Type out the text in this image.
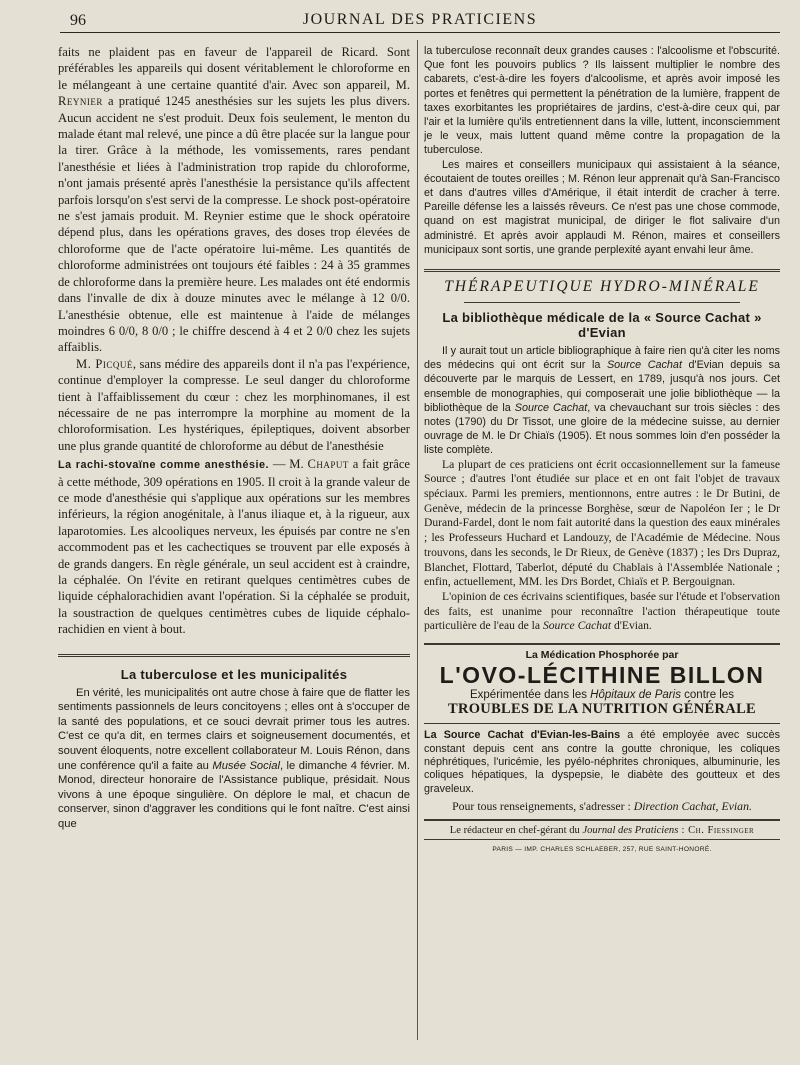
96	JOURNAL DES PRATICIENS

faits ne plaident pas en faveur de l'appareil de Ricard. Sont préférables les appareils qui dosent véritablement le chloroforme en le mélangeant à une certaine quantité d'air. Avec son appareil, M. Reynier a pratiqué 1245 anesthésies sur les sujets les plus divers. Aucun accident ne s'est produit. Deux fois seulement, le menton du malade étant mal relevé, une pince a dû être placée sur la langue pour la tirer. Grâce à la méthode, les vomissements, rares pendant l'anesthésie et liées à l'administration trop rapide du chloroforme, n'ont jamais présenté après l'anesthésie la persistance qu'ils affectent parfois lorsqu'on s'est servi de la compresse. Le shock post-opératoire ne s'est jamais produit. M. Reynier estime que le shock opératoire dépend plus, dans les opérations graves, des doses trop élevées de chloroforme que de l'acte opératoire lui-même. Les quantités de chloroforme administrées ont toujours été faibles : 24 à 35 grammes de chloroforme dans la première heure. Les malades ont été endormis dans l'invalle de dix à douze minutes avec le mélange à 12 0/0. L'anesthésie obtenue, elle est maintenue à l'aide de mélanges moindres 6 0/0, 8 0/0 ; le chiffre descend à 4 et 2 0/0 chez les sujets affaiblis.

M. Picqué, sans médire des appareils dont il n'a pas l'expérience, continue d'employer la compresse. Le seul danger du chloroforme tient à l'affaiblissement du cœur : chez les morphinomanes, il est nécessaire de ne pas interrompre la morphine au moment de la chloroformisation. Les hystériques, épileptiques, doivent absorber une plus grande quantité de chloroforme au début de l'anesthésie

La rachi-stovaïne comme anesthésie. — M. Chaput a fait grâce à cette méthode, 309 opérations en 1905. Il croit à la grande valeur de ce mode d'anesthésie qui s'applique aux opérations sur les membres inférieurs, la région anogénitale, à l'anus iliaque et, à la rigueur, aux laparotomies. Les alcooliques nerveux, les épuisés par contre ne s'en accommodent pas et les cachectiques se trouvent par elle exposés à de grands dangers. En règle générale, un seul accident est à craindre, la céphalée. On l'évite en retirant quelques centimètres cubes de liquide céphalorachidien avant l'opération. Si la céphalée se produit, la soustraction de quelques centimètres cubes de liquide céphalo-rachidien en vient à bout.

La tuberculose et les municipalités

En vérité, les municipalités ont autre chose à faire que de flatter les sentiments passionnels de leurs concitoyens ; elles ont à s'occuper de la santé des populations, et ce souci devrait primer tous les autres. C'est ce qu'a dit, en termes clairs et soigneusement documentés, et souvent éloquents, notre excellent collaborateur M. Louis Rénon, dans une conférence qu'il a faite au Musée Social, le dimanche 4 février. M. Monod, directeur honoraire de l'Assistance publique, présidait. Nous vivons à une époque singulière. On déplore le mal, et chacun de conserver, sinon d'aggraver les conditions qui le font naître. C'est ainsi que

la tuberculose reconnaît deux grandes causes : l'alcoolisme et l'obscurité. Que font les pouvoirs publics ? Ils laissent multiplier le nombre des cabarets, c'est-à-dire les foyers d'alcoolisme, et après avoir imposé les portes et fenêtres qui permettent la pénétration de la lumière, frappent de taxes exorbitantes les propriétaires de jardins, c'est-à-dire ceux qui, par l'air et la lumière qu'ils entretiennent dans la ville, luttent, inconsciemment je le veux, mais luttent quand même contre la propagation de la tuberculose.

Les maires et conseillers municipaux qui assistaient à la séance, écoutaient de toutes oreilles ; M. Rénon leur apprenait qu'à San-Francisco et dans d'autres villes d'Amérique, il était interdit de cracher à terre. Pareille défense les a laissés rêveurs. Ce n'est pas une chose commode, quand on est magistrat municipal, de diriger le flot salivaire d'un administré. Et après avoir applaudi M. Rénon, maires et conseillers municipaux sont sortis, une grande perplexité ayant envahi leur âme.

THÉRAPEUTIQUE HYDRO-MINÉRALE

La bibliothèque médicale de la « Source Cachat »
d'Evian

Il y aurait tout un article bibliographique à faire rien qu'à citer les noms des médecins qui ont écrit sur la Source Cachat d'Evian depuis sa découverte par le marquis de Lessert, en 1789, jusqu'à nos jours. Cet ensemble de monographies, qui composerait une jolie bibliothèque — la bibliothèque de la Source Cachat, va chevauchant sur trois siècles : des notes (1790) du Dr Tissot, une gloire de la médecine suisse, au dernier ouvrage de M. le Dr Chiaïs (1905). Et nous sommes loin d'en posséder la liste complète.

La plupart de ces praticiens ont écrit occasionnellement sur la fameuse Source ; d'autres l'ont étudiée sur place et en ont fait l'objet de travaux spéciaux. Parmi les premiers, mentionnons, entre autres : le Dr Butini, de Genève, médecin de la princesse Borghèse, sœur de Napoléon Ier ; le Dr Durand-Fardel, dont le nom fait autorité dans la question des eaux minérales ; les Professeurs Huchard et Landouzy, de l'Académie de Médecine. Nous trouvons, dans les seconds, le Dr Rieux, de Genève (1837) ; les Drs Dupraz, Blanchet, Flottard, Taberlot, député du Chablais à l'Assemblée Nationale ; enfin, actuellement, MM. les Drs Bordet, Chiaïs et P. Bergouignan.

L'opinion de ces écrivains scientifiques, basée sur l'étude et l'observation des faits, est unanime pour reconnaître l'action thérapeutique toute particulière de l'eau de la Source Cachat d'Evian.

La Médication Phosphorée par

L'OVO-LÉCITHINE BILLON

Expérimentée dans les Hôpitaux de Paris contre les

TROUBLES DE LA NUTRITION GÉNÉRALE

La Source Cachat d'Evian-les-Bains a été employée avec succès constant depuis cent ans contre la goutte chronique, les coliques néphrétiques, l'uricémie, les pyélo-néphrites chroniques, albuminurie, les coliques hépatiques, la dyspepsie, le diabète des goutteux et des graveleux.

Pour tous renseignements, s'adresser : Direction Cachat, Evian.

Le rédacteur en chef-gérant du Journal des Praticiens : Ch. Fiessinger

PARIS — IMP. CHARLES SCHLAEBER, 257, RUE SAINT-HONORÉ.
